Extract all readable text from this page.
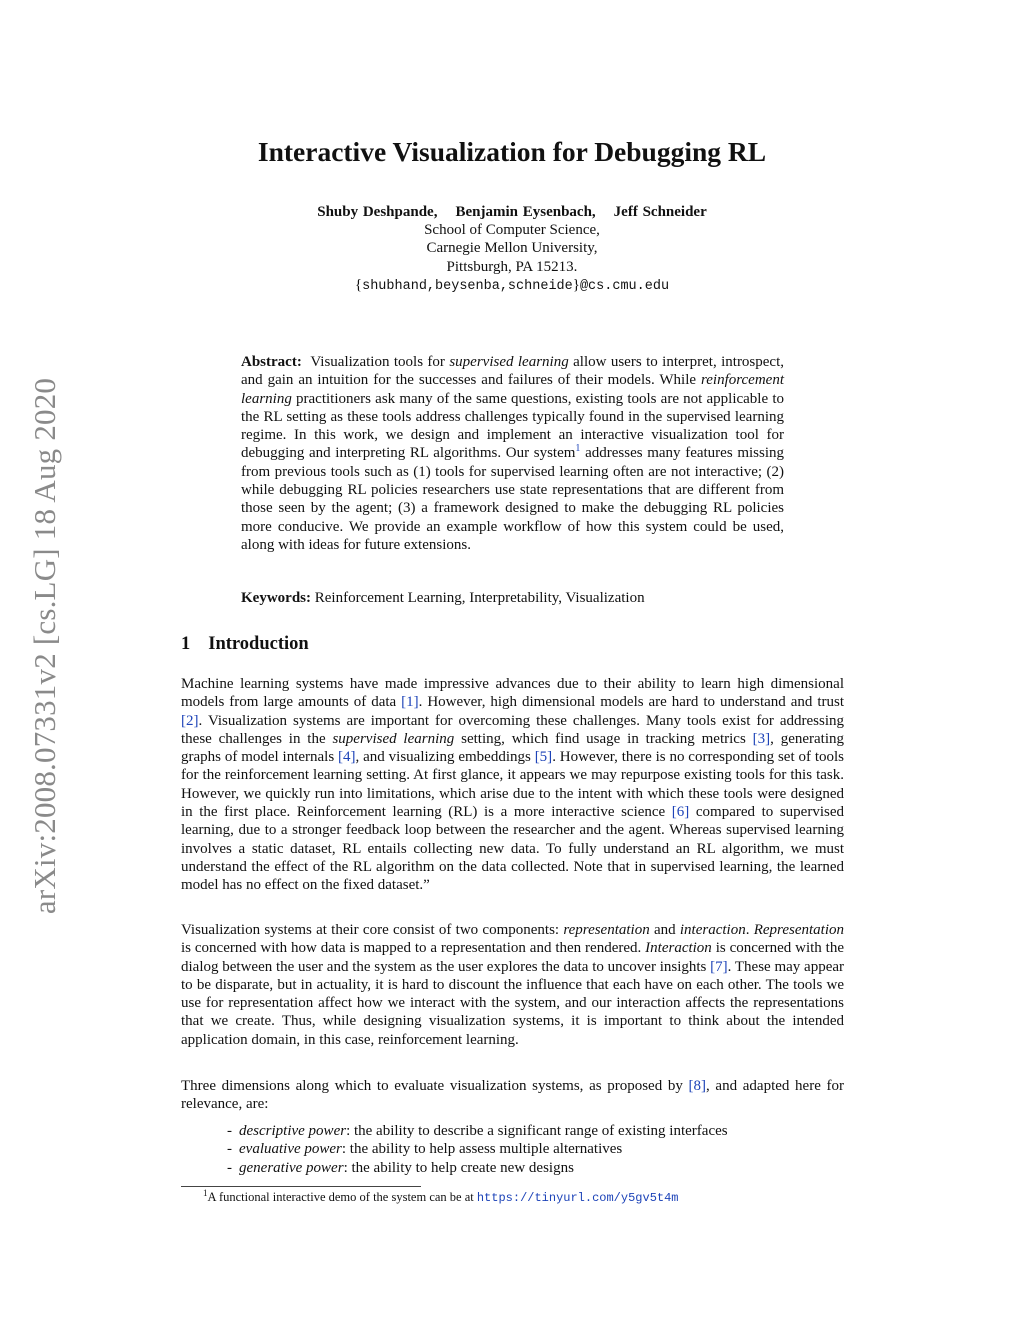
arXiv:2008.07331v2 [cs.LG] 18 Aug 2020
Interactive Visualization for Debugging RL
Shuby Deshpande, Benjamin Eysenbach, Jeff Schneider
School of Computer Science,
Carnegie Mellon University,
Pittsburgh, PA 15213.
{shubhand,beysenba,schneide}@cs.cmu.edu

Abstract: Visualization tools for supervised learning allow users to interpret, introspect, and gain an intuition for the successes and failures of their models. While reinforcement learning practitioners ask many of the same questions, existing tools are not applicable to the RL setting as these tools address challenges typically found in the supervised learning regime. In this work, we design and implement an interactive visualization tool for debugging and interpreting RL algorithms. Our system$^1$ addresses many features missing from previous tools such as (1) tools for supervised learning often are not interactive; (2) while debugging RL policies researchers use state representations that are different from those seen by the agent; (3) a framework designed to make the debugging RL policies more conducive. We provide an example workflow of how this system could be used, along with ideas for future extensions.

Keywords: Reinforcement Learning, Interpretability, Visualization
1 Introduction

Machine learning systems have made impressive advances due to their ability to learn high dimensional models from large amounts of data [1]. However, high dimensional models are hard to understand and trust [2]. Visualization systems are important for overcoming these challenges. Many tools exist for addressing these challenges in the supervised learning setting, which find usage in tracking metrics [3], generating graphs of model internals [4], and visualizing embeddings [5]. However, there is no corresponding set of tools for the reinforcement learning setting. At first glance, it appears we may repurpose existing tools for this task. However, we quickly run into limitations, which arise due to the intent with which these tools were designed in the first place. Reinforcement learning (RL) is a more interactive science [6] compared to supervised learning, due to a stronger feedback loop between the researcher and the agent. Whereas supervised learning involves a static dataset, RL entails collecting new data. To fully understand an RL algorithm, we must understand the effect of the RL algorithm on the data collected. Note that in supervised learning, the learned model has no effect on the fixed dataset.”

Visualization systems at their core consist of two components: representation and interaction. Representation is concerned with how data is mapped to a representation and then rendered. Interaction is concerned with the dialog between the user and the system as the user explores the data to uncover insights [7]. These may appear to be disparate, but in actuality, it is hard to discount the influence that each have on each other. The tools we use for representation affect how we interact with the system, and our interaction affects the representations that we create. Thus, while designing visualization systems, it is important to think about the intended application domain, in this case, reinforcement learning.

Three dimensions along which to evaluate visualization systems, as proposed by [8], and adapted here for relevance, are:

- descriptive power: the ability to describe a significant range of existing interfaces
- evaluative power: the ability to help assess multiple alternatives
- generative power: the ability to help create new designs
$^1$A functional interactive demo of the system can be at https://tinyurl.com/y5gv5t4m
